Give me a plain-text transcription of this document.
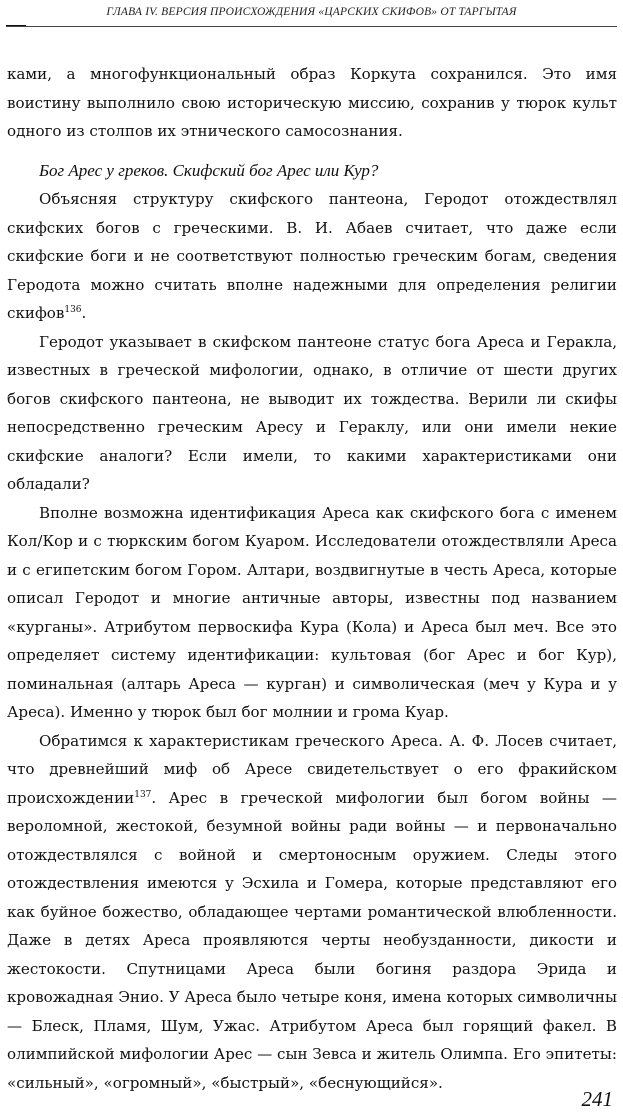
ГЛАВА IV. ВЕРСИЯ ПРОИСХОЖДЕНИЯ «ЦАРСКИХ СКИФОВ» ОТ ТАРГЫТАЯ

ками, а многофункциональный образ Коркута сохранился. Это имя воистину выполнило свою историческую миссию, сохранив у тюрок культ одного из столпов их этнического самосознания.

Бог Арес у греков. Скифский бог Арес или Кур?

Объясняя структуру скифского пантеона, Геродот отождествлял скифских богов с греческими. В. И. Абаев считает, что даже если скифские боги и не соответствуют полностью греческим богам, сведения Геродота можно считать вполне надежными для определения религии скифов$^{136}$.

Геродот указывает в скифском пантеоне статус бога Ареса и Геракла, известных в греческой мифологии, однако, в отличие от шести других богов скифского пантеона, не выводит их тождества. Верили ли скифы непосредственно греческим Аресу и Гераклу, или они имели некие скифские аналоги? Если имели, то какими характеристиками они обладали?

Вполне возможна идентификация Ареса как скифского бога с именем Кол/Кор и с тюркским богом Куаром. Исследователи отождествляли Ареса и с египетским богом Гором. Алтари, воздвигнутые в честь Ареса, которые описал Геродот и многие античные авторы, известны под названием «курганы». Атрибутом первоскифа Кура (Кола) и Ареса был меч. Все это определяет систему идентификации: культовая (бог Арес и бог Кур), поминальная (алтарь Ареса — курган) и символическая (меч у Кура и у Ареса). Именно у тюрок был бог молнии и грома Куар.

Обратимся к характеристикам греческого Ареса. А. Ф. Лосев считает, что древнейший миф об Аресе свидетельствует о его фракийском происхождении$^{137}$. Арес в греческой мифологии был богом войны — вероломной, жестокой, безумной войны ради войны — и первоначально отождествлялся с войной и смертоносным оружием. Следы этого отождествления имеются у Эсхила и Гомера, которые представляют его как буйное божество, обладающее чертами романтической влюбленности. Даже в детях Ареса проявляются черты необузданности, дикости и жестокости. Спутницами Ареса были богиня раздора Эрида и кровожадная Энио. У Ареса было четыре коня, имена которых символичны — Блеск, Пламя, Шум, Ужас. Атрибутом Ареса был горящий факел. В олимпийской мифологии Арес — сын Зевса и житель Олимпа. Его эпитеты: «сильный», «огромный», «быстрый», «беснующийся».

241
